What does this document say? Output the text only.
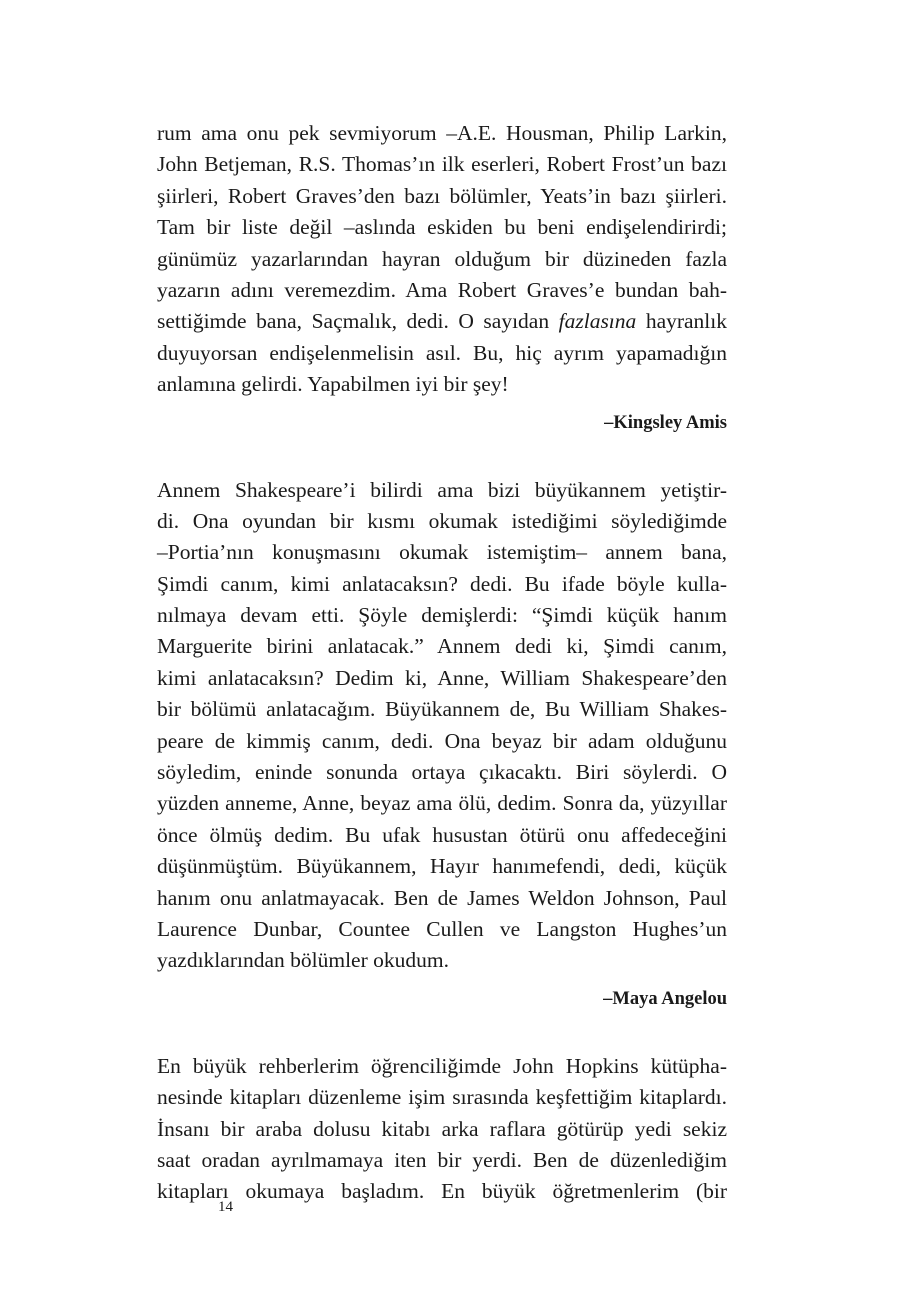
rum ama onu pek sevmiyorum –A.E. Housman, Philip Larkin,
John Betjeman, R.S. Thomas’ın ilk eserleri, Robert Frost’un bazı
şiirleri, Robert Graves’den bazı bölümler, Yeats’in bazı şiirleri.
Tam bir liste değil –aslında eskiden bu beni endişelendirirdi;
günümüz yazarlarından hayran olduğum bir düzineden fazla
yazarın adını veremezdim. Ama Robert Graves’e bundan bah-
settiğimde bana, Saçmalık, dedi. O sayıdan fazlasına hayranlık
duyuyorsan endişelenmelisin asıl. Bu, hiç ayrım yapamadığın
anlamına gelirdi. Yapabilmen iyi bir şey!
–Kingsley Amis
Annem Shakespeare’i bilirdi ama bizi büyükannem yetiştir-
di. Ona oyundan bir kısmı okumak istediğimi söylediğimde
–Portia’nın konuşmasını okumak istemiştim– annem bana,
Şimdi canım, kimi anlatacaksın? dedi. Bu ifade böyle kulla-
nılmaya devam etti. Şöyle demişlerdi: “Şimdi küçük hanım
Marguerite birini anlatacak.” Annem dedi ki, Şimdi canım,
kimi anlatacaksın? Dedim ki, Anne, William Shakespeare’den
bir bölümü anlatacağım. Büyükannem de, Bu William Shakes-
peare de kimmiş canım, dedi. Ona beyaz bir adam olduğunu
söyledim, eninde sonunda ortaya çıkacaktı. Biri söylerdi. O
yüzden anneme, Anne, beyaz ama ölü, dedim. Sonra da, yüzyıllar
önce ölmüş dedim. Bu ufak husustan ötürü onu affedeceğini
düşünmüştüm. Büyükannem, Hayır hanımefendi, dedi, küçük
hanım onu anlatmayacak. Ben de James Weldon Johnson, Paul
Laurence Dunbar, Countee Cullen ve Langston Hughes’un
yazdıklarından bölümler okudum.
–Maya Angelou
En büyük rehberlerim öğrenciliğimde John Hopkins kütüpha-
nesinde kitapları düzenleme işim sırasında keşfettiğim kitaplardı.
İnsanı bir araba dolusu kitabı arka raflara götürüp yedi sekiz
saat oradan ayrılmamaya iten bir yerdi. Ben de düzenlediğim
kitapları okumaya başladım. En büyük öğretmenlerim (bir
14
